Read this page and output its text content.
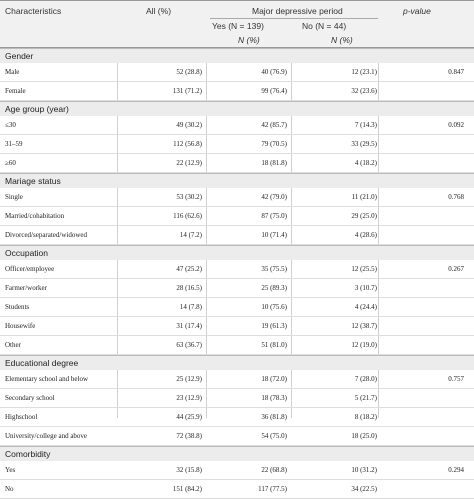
Characteristics	All (%)	Major depressive period	p-value
Yes (N = 139)	No (N = 44)
N (%)	N (%)
Gender
Male	52 (28.8)	40 (76.9)	12 (23.1)	0.847
Female	131 (71.2)	99 (76.4)	32 (23.6)
Age group (year)
≤30	49 (30.2)	42 (85.7)	7 (14.3)	0.092
31–59	112 (56.8)	79 (70.5)	33 (29.5)
≥60	22 (12.9)	18 (81.8)	4 (18.2)
Mariage status
Single	53 (30.2)	42 (79.0)	11 (21.0)	0.768
Married/cohabitation	116 (62.6)	87 (75.0)	29 (25.0)
Divorced/separated/widowed	14 (7.2)	10 (71.4)	4 (28.6)
Occupation
Officer/employee	47 (25.2)	35 (75.5)	12 (25.5)	0.267
Farmer/worker	28 (16.5)	25 (89.3)	3 (10.7)
Students	14 (7.8)	10 (75.6)	4 (24.4)
Housewife	31 (17.4)	19 (61.3)	12 (38.7)
Other	63 (36.7)	51 (81.0)	12 (19.0)
Educational degree
Elementary school and below	25 (12.9)	18 (72.0)	7 (28.0)	0.757
Secondary school	23 (12.9)	18 (78.3)	5 (21.7)
Highschool	44 (25.9)	36 (81.8)	8 (18.2)
University/college and above	72 (38.8)	54 (75.0)	18 (25.0)
Comorbidity
Yes	32 (15.8)	22 (68.8)	10 (31.2)	0.294
No	151 (84.2)	117 (77.5)	34 (22.5)
